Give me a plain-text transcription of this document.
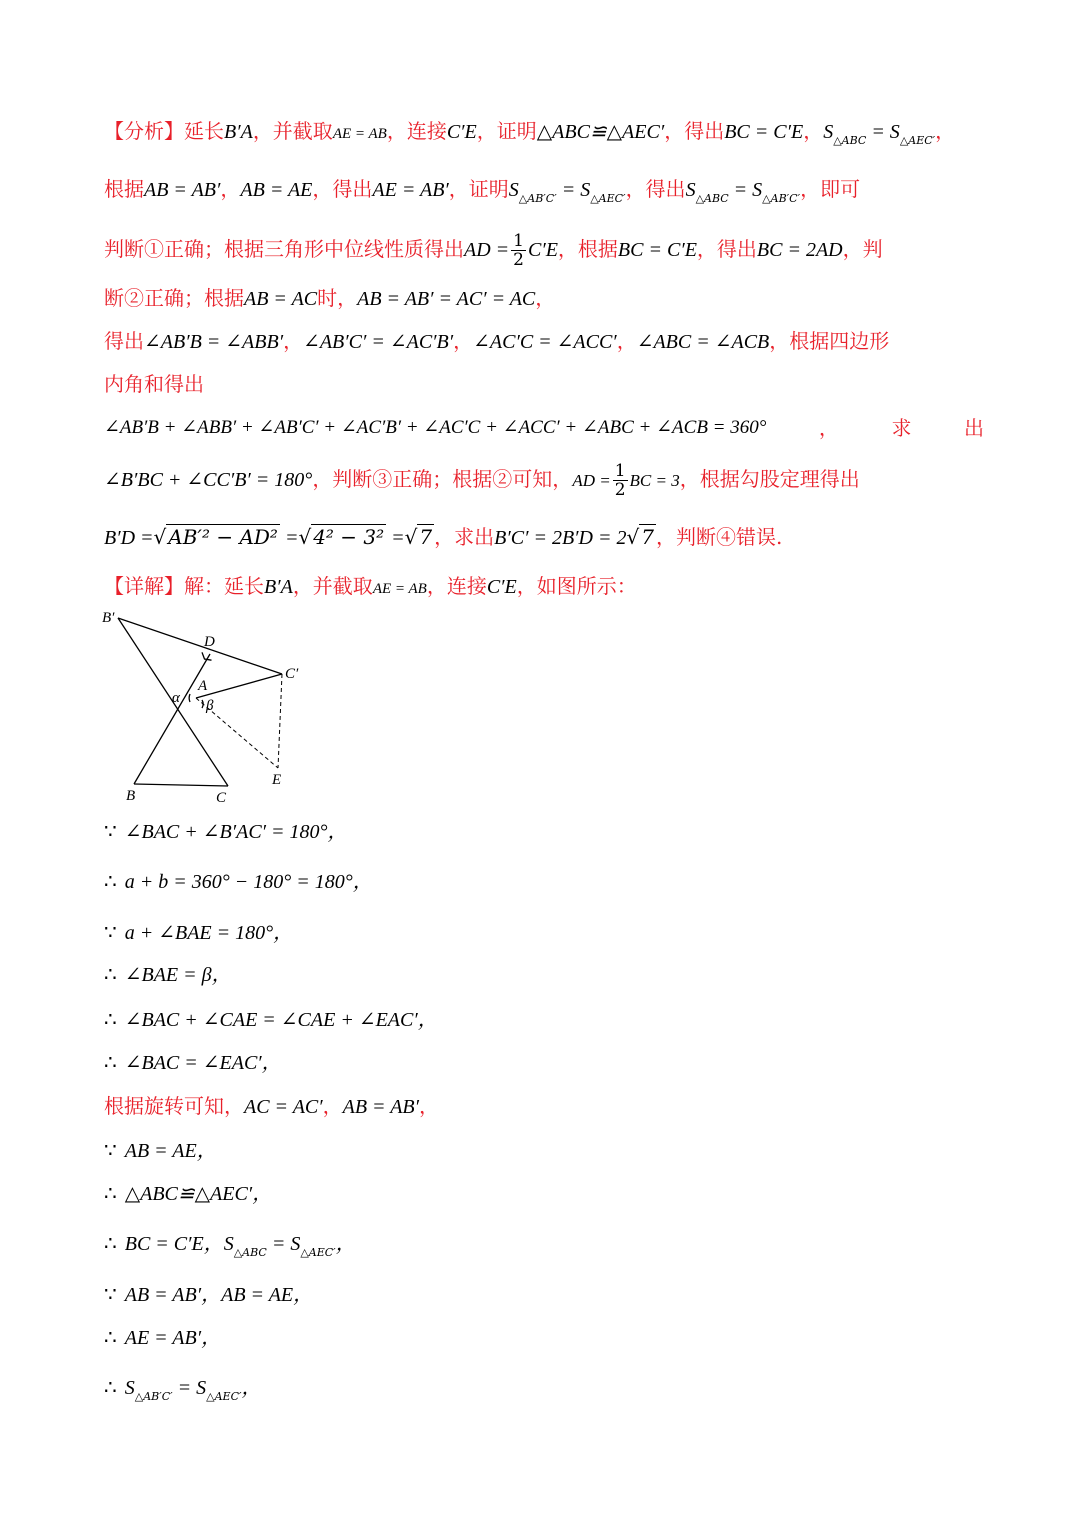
【分析】延长B′A，并截取AE = AB，连接C′E，证明△ABC≌△AEC′，得出BC = C′E，$S_{\triangle ABC} = S_{\triangle AEC'}$，
根据AB = AB′，AB = AE，得出AE = AB′，证明$S_{\triangle AB'C'} = S_{\triangle AEC'}$，得出$S_{\triangle ABC} = S_{\triangle AB'C'}$，即可
判断①正确；根据三角形中位线性质得出AD = $\frac{1}{2} C'E$，根据BC = C′E，得出BC = 2AD，判
断②正确；根据AB = AC时，AB = AB′ = AC′ = AC，
得出∠AB′B = ∠ABB′，∠AB′C′ = ∠AC′B′，∠AC′C = ∠ACC′，∠ABC = ∠ACB，根据四边形
内角和得出
∠AB′B + ∠ABB′ + ∠AB′C′ + ∠AC′B′ + ∠AC′C + ∠ACC′ + ∠ABC + ∠ACB = 360°	，	求	出
∠B′BC + ∠CC′B′ = 180°，判断③正确；根据②可知，AD = $\frac{1}{2}$ BC = 3，根据勾股定理得出
B′D =√ AB′² − AD² =√ 4² − 3² =√ 7 ，求出B′C′ = 2B′D = 2√ 7 ，判断④错误.
【详解】解：延长B′A，并截取AE = AB，连接C′E，如图所示：
B′
D
C′
A
α β
B	C
E
∵ ∠BAC + ∠B′AC′ = 180°，
∴ a + b = 360° − 180° = 180°，
∵ a + ∠BAE = 180°，
∴ ∠BAE = β，
∴ ∠BAC + ∠CAE = ∠CAE + ∠EAC′，
∴ ∠BAC = ∠EAC′，
根据旋转可知，AC = AC′，AB = AB′，
∵ AB = AE，
∴ △ABC≌△AEC′，
∴ BC = C′E，$S_{\triangle ABC} = S_{\triangle AEC'}$，
∵ AB = AB′，AB = AE，
∴ AE = AB′，
∴ $S_{\triangle AB'C'} = S_{\triangle AEC'}$，
